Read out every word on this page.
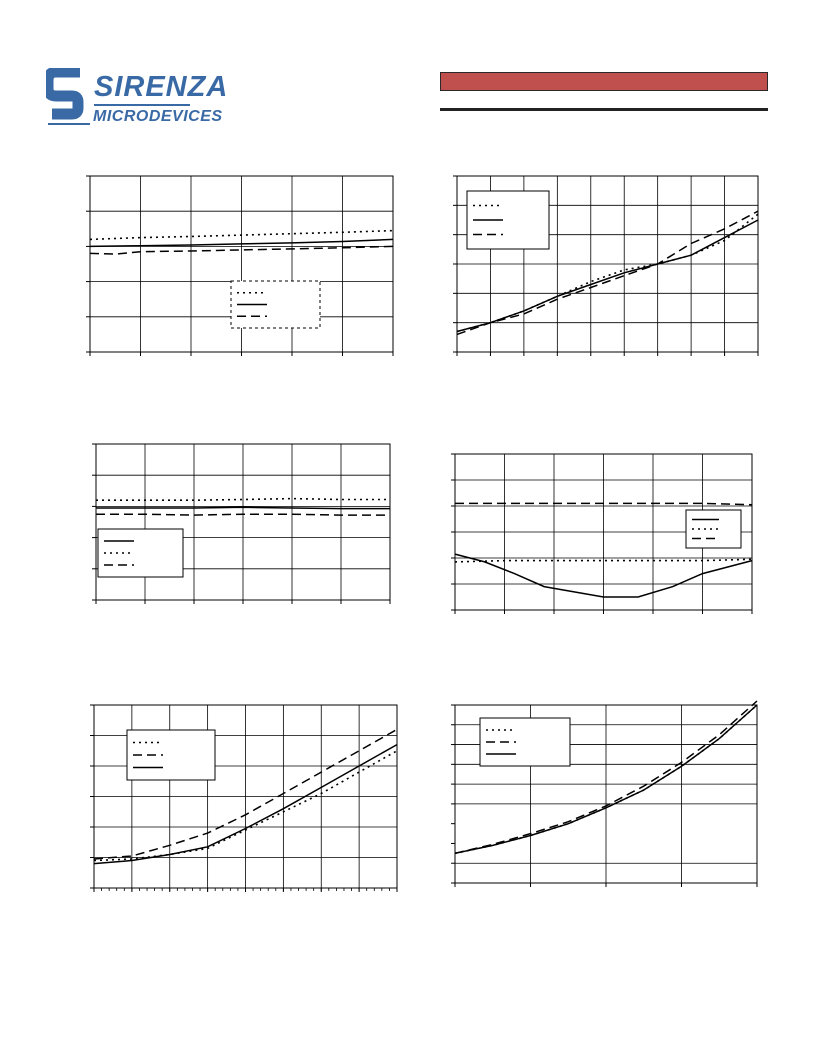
SIRENZA

MICRODEVICES
